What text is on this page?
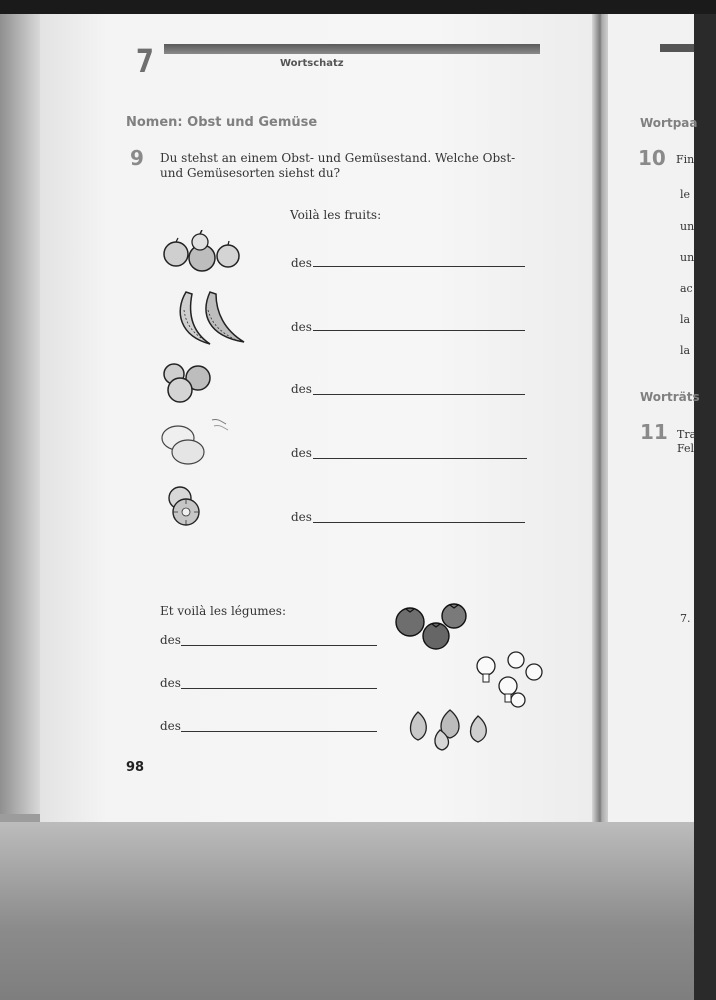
7	Wortschatz
Nomen: Obst und Gemüse
9 Du stehst an einem Obst- und Gemüsestand. Welche Obst- und Gemüsesorten siehst du?
Voilà les fruits:
des
des
des
des
des
Et voilà les légumes:
des
des
des
98
Wortpaa
10 Fin
le
un
un
ac
la
la
Worträts
11 Tra
Fel
7.
